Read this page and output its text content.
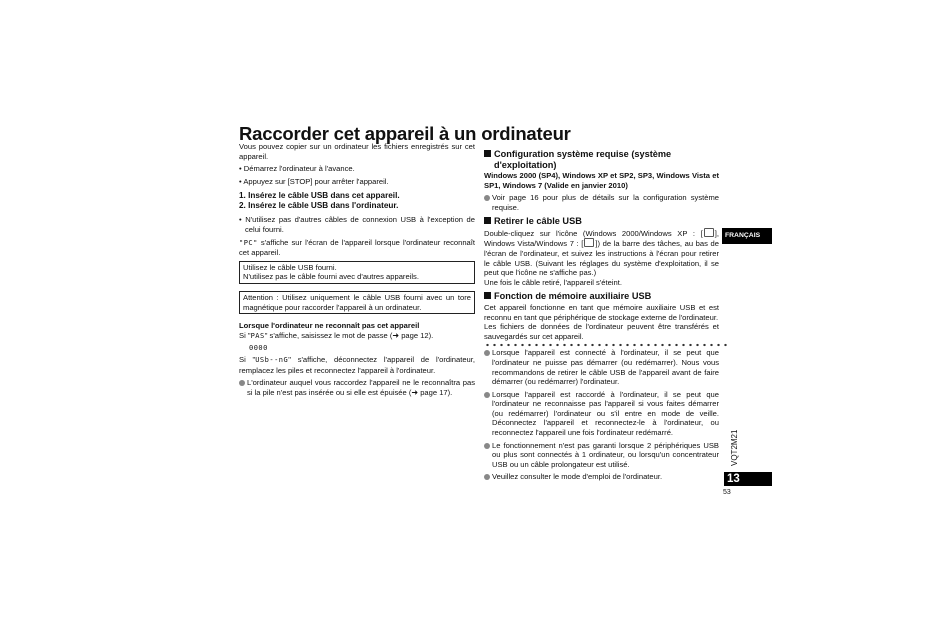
Raccorder cet appareil à un ordinateur

Vous pouvez copier sur un ordinateur les fichiers enregistrés sur cet appareil.

• Démarrez l'ordinateur à l'avance.

• Appuyez sur [STOP] pour arrêter l'appareil.

1. Insérez le câble USB dans cet appareil.
2. Insérez le câble USB dans l'ordinateur.

• N'utilisez pas d'autres câbles de connexion USB à l'exception de celui fourni.

"PC" s'affiche sur l'écran de l'appareil lorsque l'ordinateur reconnaît cet appareil.

Utilisez le câble USB fourni.
N'utilisez pas le câble fourni avec d'autres appareils.
Attention : Utilisez uniquement le câble USB fourni avec un tore magnétique pour raccorder l'appareil à un ordinateur.
Lorsque l'ordinateur ne reconnaît pas cet appareil

Si "PAS" s'affiche, saisissez le mot de passe (➜ page 12).

0000

Si "USb--nG" s'affiche, déconnectez l'appareil de l'ordinateur, remplacez les piles et reconnectez l'appareil à l'ordinateur.

L'ordinateur auquel vous raccordez l'appareil ne le reconnaîtra pas si la pile n'est pas insérée ou si elle est épuisée (➜ page 17).

Configuration système requise (système
d'exploitation)

Windows 2000 (SP4), Windows XP et SP2, SP3, Windows Vista et SP1, Windows 7 (Valide en janvier 2010)

Voir page 16 pour plus de détails sur la configuration système requise.

Retirer le câble USB

Double-cliquez sur l'icône (Windows 2000/Windows XP : [ ], Windows Vista/Windows 7 : [ ]) de la barre des tâches, au bas de l'écran de l'ordinateur, et suivez les instructions à l'écran pour retirer le câble USB. (Suivant les réglages du système d'exploitation, il se peut que l'icône ne s'affiche pas.)

Une fois le câble retiré, l'appareil s'éteint.

Fonction de mémoire auxiliaire USB

Cet appareil fonctionne en tant que mémoire auxiliaire USB et est reconnu en tant que périphérique de stockage externe de l'ordinateur.

Les fichiers de données de l'ordinateur peuvent être transférés et sauvegardés sur cet appareil.

Lorsque l'appareil est connecté à l'ordinateur, il se peut que l'ordinateur ne puisse pas démarrer (ou redémarrer). Nous vous recommandons de retirer le câble USB de l'appareil avant de faire démarrer (ou redémarrer) l'ordinateur.

Lorsque l'appareil est raccordé à l'ordinateur, il se peut que l'ordinateur ne reconnaisse pas l'appareil si vous faites démarrer (ou redémarrer) l'ordinateur ou s'il entre en mode de veille. Déconnectez l'appareil et reconnectez-le à l'ordinateur, ou reconnectez l'appareil une fois l'ordinateur redémarré.

Le fonctionnement n'est pas garanti lorsque 2 périphériques USB ou plus sont connectés à 1 ordinateur, ou lorsqu'un concentrateur USB ou un câble prolongateur est utilisé.

Veuillez consulter le mode d'emploi de l'ordinateur.

FRANÇAIS
VQT2M21
13
53
